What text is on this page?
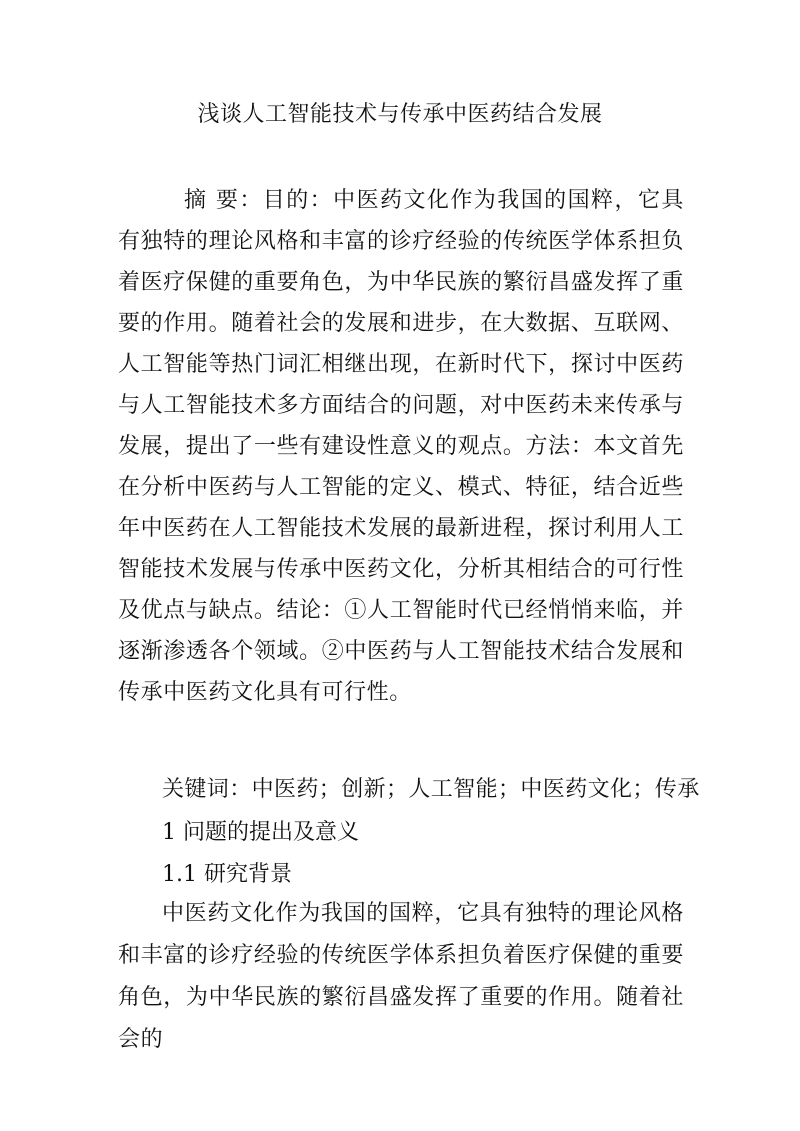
浅谈人工智能技术与传承中医药结合发展
摘 要：目的：中医药文化作为我国的国粹，它具有独特的理论风格和丰富的诊疗经验的传统医学体系担负着医疗保健的重要角色，为中华民族的繁衍昌盛发挥了重要的作用。随着社会的发展和进步，在大数据、互联网、人工智能等热门词汇相继出现，在新时代下，探讨中医药与人工智能技术多方面结合的问题，对中医药未来传承与发展，提出了一些有建设性意义的观点。方法：本文首先在分析中医药与人工智能的定义、模式、特征，结合近些年中医药在人工智能技术发展的最新进程，探讨利用人工智能技术发展与传承中医药文化，分析其相结合的可行性及优点与缺点。结论：①人工智能时代已经悄悄来临，并逐渐渗透各个领域。②中医药与人工智能技术结合发展和传承中医药文化具有可行性。
关键词：中医药；创新；人工智能；中医药文化；传承
1 问题的提出及意义
1.1 研究背景
中医药文化作为我国的国粹，它具有独特的理论风格和丰富的诊疗经验的传统医学体系担负着医疗保健的重要角色，为中华民族的繁衍昌盛发挥了重要的作用。随着社会的
